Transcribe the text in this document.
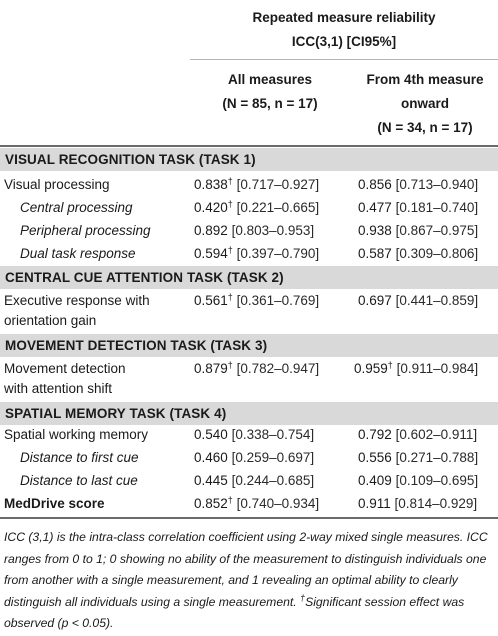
Repeated measure reliability
ICC(3,1) [CI95%]
All measures
(N = 85, n = 17)
From 4th measure
onward
(N = 34, n = 17)
VISUAL RECOGNITION TASK (TASK 1)
Visual processing	0.838† [0.717–0.927]	0.856 [0.713–0.940]
Central processing	0.420† [0.221–0.665]	0.477 [0.181–0.740]
Peripheral processing	0.892 [0.803–0.953]	0.938 [0.867–0.975]
Dual task response	0.594† [0.397–0.790]	0.587 [0.309–0.806]
CENTRAL CUE ATTENTION TASK (TASK 2)
Executive response with
orientation gain
0.561† [0.361–0.769]	0.697 [0.441–0.859]
MOVEMENT DETECTION TASK (TASK 3)
Movement detection
with attention shift
0.879† [0.782–0.947]	0.959† [0.911–0.984]
SPATIAL MEMORY TASK (TASK 4)
Spatial working memory	0.540 [0.338–0.754]	0.792 [0.602–0.911]
Distance to first cue	0.460 [0.259–0.697]	0.556 [0.271–0.788]
Distance to last cue	0.445 [0.244–0.685]	0.409 [0.109–0.695]
MedDrive score	0.852† [0.740–0.934]	0.911 [0.814–0.929]
ICC (3,1) is the intra-class correlation coefficient using 2-way mixed single measures. ICC ranges from 0 to 1; 0 showing no ability of the measurement to distinguish individuals one from another with a single measurement, and 1 revealing an optimal ability to clearly distinguish all individuals using a single measurement. †Significant session effect was observed (p < 0.05).
